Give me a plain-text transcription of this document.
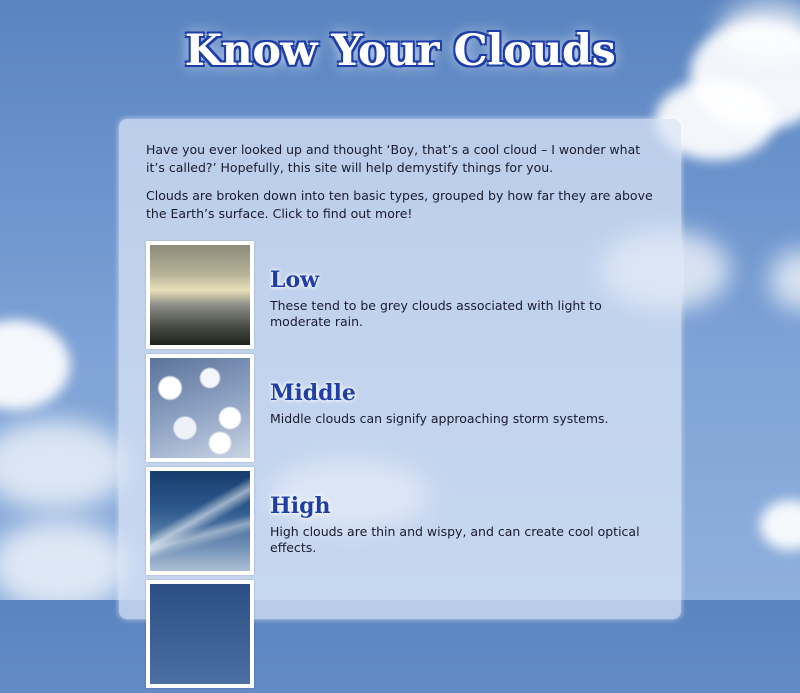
Know Your Clouds

Have you ever looked up and thought ‘Boy, that’s a cool cloud – I wonder what it’s called?’ Hopefully, this site will help demystify things for you.

Clouds are broken down into ten basic types, grouped by how far they are above the Earth’s surface. Click to find out more!

Low

These tend to be grey clouds associated with light to moderate rain.

Middle

Middle clouds can signify approaching storm systems.

High

High clouds are thin and wispy, and can create cool optical effects.
